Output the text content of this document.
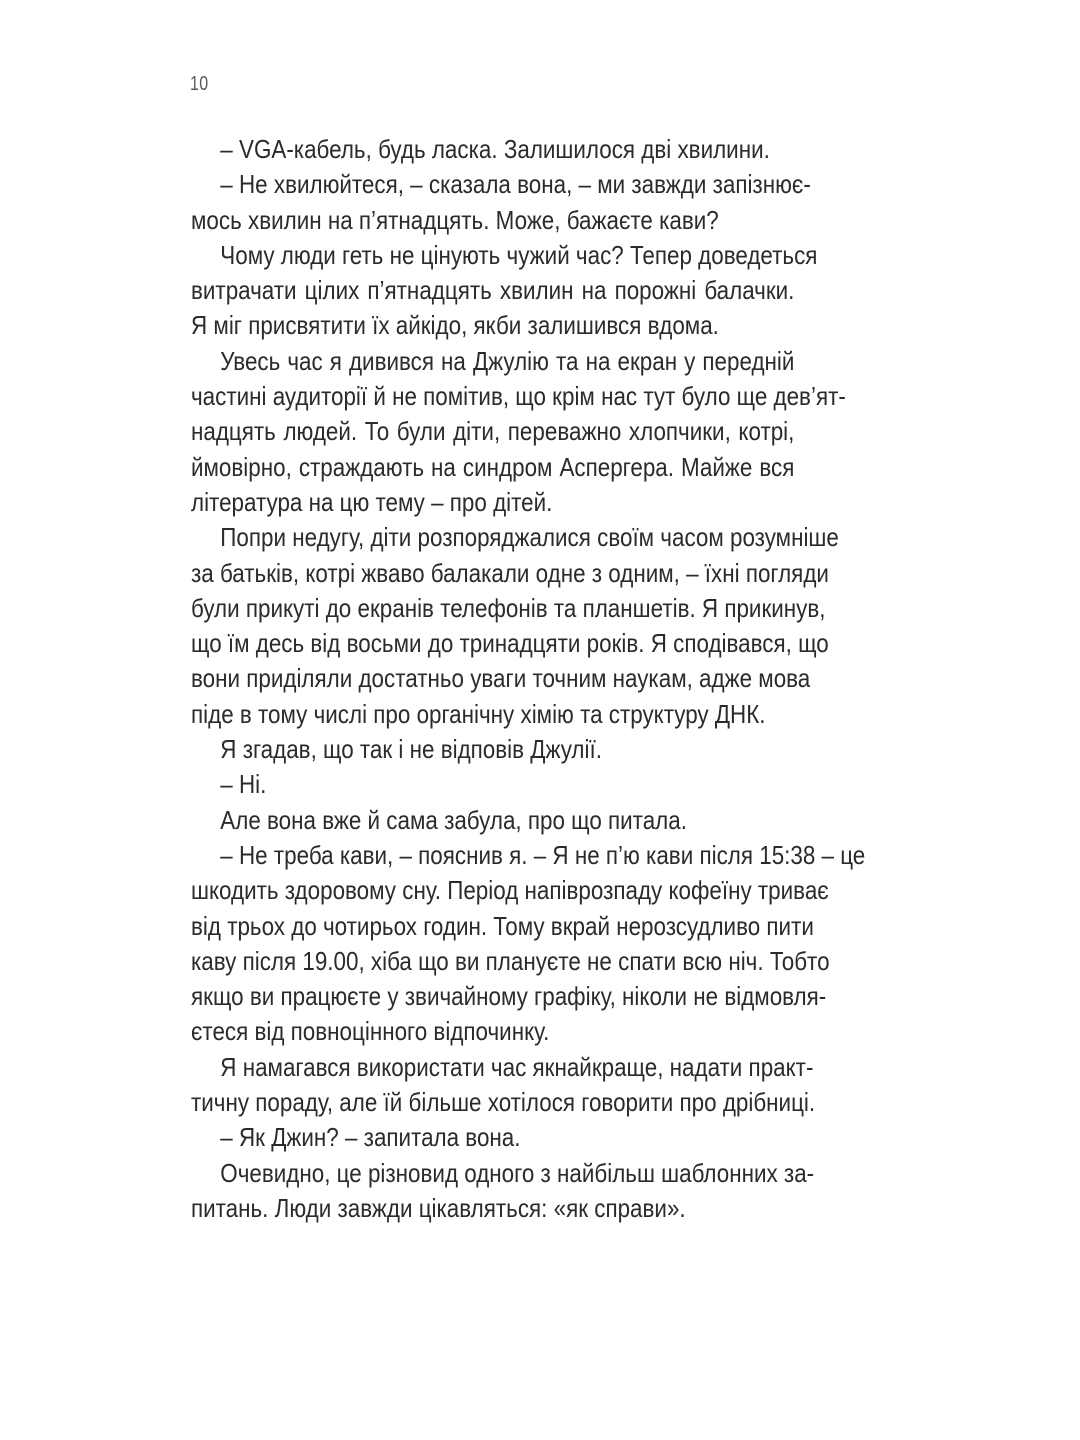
10
– VGA-кабель, будь ласка. Залишилося дві хвилини.
– Не хвилюйтеся, – сказала вона, – ми завжди запізнює-
мось хвилин на п’ятнадцять. Може, бажаєте кави?
Чому люди геть не цінують чужий час? Тепер доведеться
витрачати цілих п’ятнадцять хвилин на порожні балачки.
Я міг присвятити їх айкідо, якби залишився вдома.
Увесь час я дивився на Джулію та на екран у передній
частині аудиторії й не помітив, що крім нас тут було ще дев’ят-
надцять людей. То були діти, переважно хлопчики, котрі,
ймовірно, страждають на синдром Аспергера. Майже вся
література на цю тему – про дітей.
Попри недугу, діти розпоряджалися своїм часом розумніше
за батьків, котрі жваво балакали одне з одним, – їхні погляди
були прикуті до екранів телефонів та планшетів. Я прикинув,
що їм десь від восьми до тринадцяти років. Я сподівався, що
вони приділяли достатньо уваги точним наукам, адже мова
піде в тому числі про органічну хімію та структуру ДНК.
Я згадав, що так і не відповів Джулії.
– Ні.
Але вона вже й сама забула, про що питала.
– Не треба кави, – пояснив я. – Я не п’ю кави після 15:38 – це
шкодить здоровому сну. Період напіврозпаду кофеїну триває
від трьох до чотирьох годин. Тому вкрай нерозсудливо пити
каву після 19.00, хіба що ви плануєте не спати всю ніч. Тобто
якщо ви працюєте у звичайному графіку, ніколи не відмовля-
єтеся від повноцінного відпочинку.
Я намагався використати час якнайкраще, надати практ-
тичну пораду, але їй більше хотілося говорити про дрібниці.
– Як Джин? – запитала вона.
Очевидно, це різновид одного з найбільш шаблонних за-
питань. Люди завжди цікавляться: «як справи».
